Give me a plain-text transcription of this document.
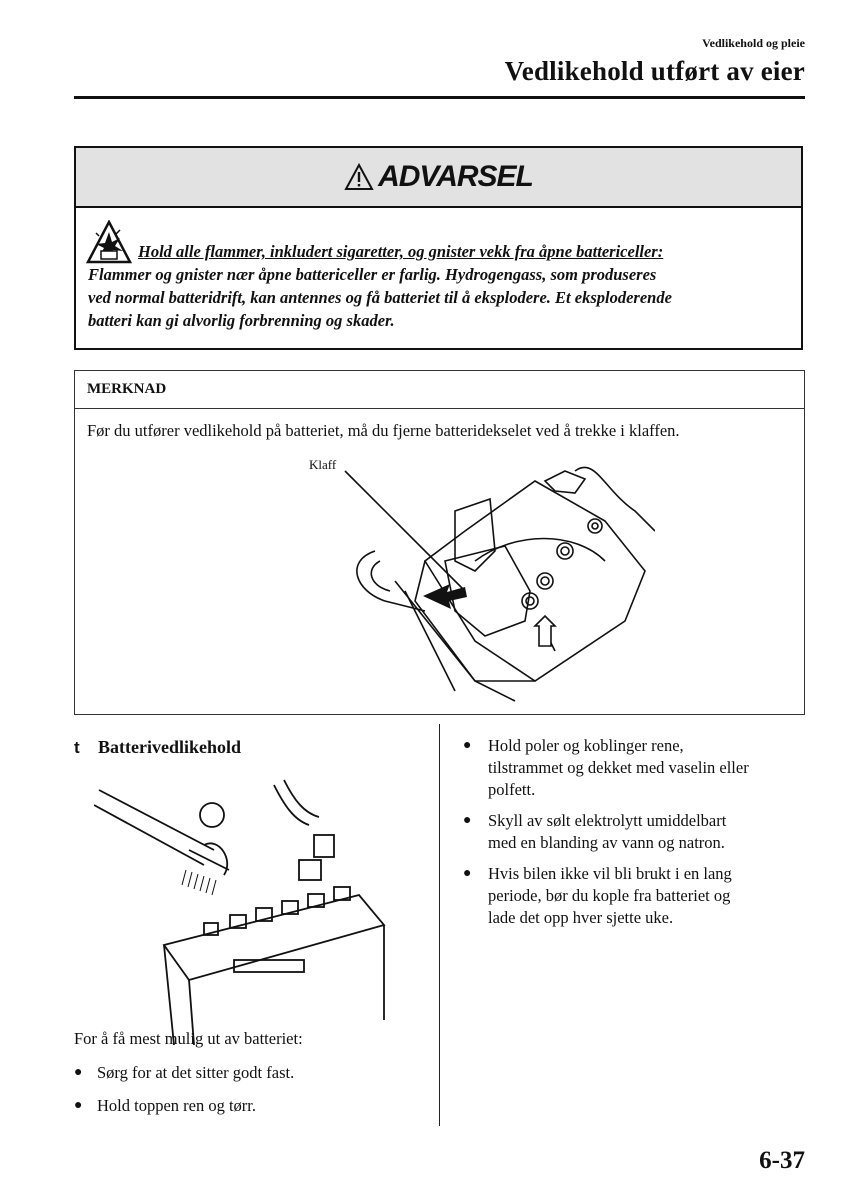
Vedlikehold og pleie
Vedlikehold utført av eier
ADVARSEL
Hold alle flammer, inkludert sigaretter, og gnister vekk fra åpne battericeller:
Flammer og gnister nær åpne battericeller er farlig. Hydrogengass, som produseres
ved normal batteridrift, kan antennes og få batteriet til å eksplodere. Et eksploderende
batteri kan gi alvorlig forbrenning og skader.
MERKNAD
Før du utfører vedlikehold på batteriet, må du fjerne batteridekselet ved å trekke i klaffen.
Klaff
t	Batterivedlikehold
For å få mest mulig ut av batteriet:
● Sørg for at det sitter godt fast.
● Hold toppen ren og tørr.
●	Hold poler og koblinger rene,
tilstrammet og dekket med vaselin eller
polfett.
●	Skyll av sølt elektrolytt umiddelbart
med en blanding av vann og natron.
●	Hvis bilen ikke vil bli brukt i en lang
periode, bør du kople fra batteriet og
lade det opp hver sjette uke.
6-37
